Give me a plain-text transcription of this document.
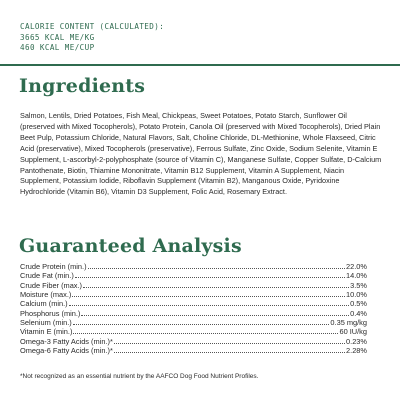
CALORIE CONTENT (CALCULATED):
3665 KCAL ME/KG
460 KCAL ME/CUP
Ingredients

Salmon, Lentils, Dried Potatoes, Fish Meal, Chickpeas, Sweet Potatoes, Potato Starch, Sunflower Oil (preserved with Mixed Tocopherols), Potato Protein, Canola Oil (preserved with Mixed Tocopherols), Dried Plain Beet Pulp, Potassium Chloride, Natural Flavors, Salt, Choline Chloride, DL-Methionine, Whole Flaxseed, Citric Acid (preservative), Mixed Tocopherols (preservative), Ferrous Sulfate, Zinc Oxide, Sodium Selenite, Vitamin E Supplement, L-ascorbyl-2-polyphosphate (source of Vitamin C), Manganese Sulfate, Copper Sulfate, D-Calcium Pantothenate, Biotin, Thiamine Mononitrate, Vitamin B12 Supplement, Vitamin A Supplement, Niacin Supplement, Potassium Iodide, Riboflavin Supplement (Vitamin B2), Manganous Oxide, Pyridoxine Hydrochloride (Vitamin B6), Vitamin D3 Supplement, Folic Acid, Rosemary Extract.

Guaranteed Analysis
Crude Protein (min.)	22.0%
Crude Fat (min.)	14.0%
Crude Fiber (max.)	3.5%
Moisture (max.)	10.0%
Calcium (min.)	0.5%
Phosphorus (min.)	0.4%
Selenium (min.)	0.35 mg/kg
Vitamin E (min.)	60 IU/kg
Omega-3 Fatty Acids (min.)*	0.23%
Omega-6 Fatty Acids (min.)*	2.28%
*Not recognized as an essential nutrient by the AAFCO Dog Food Nutrient Profiles.
